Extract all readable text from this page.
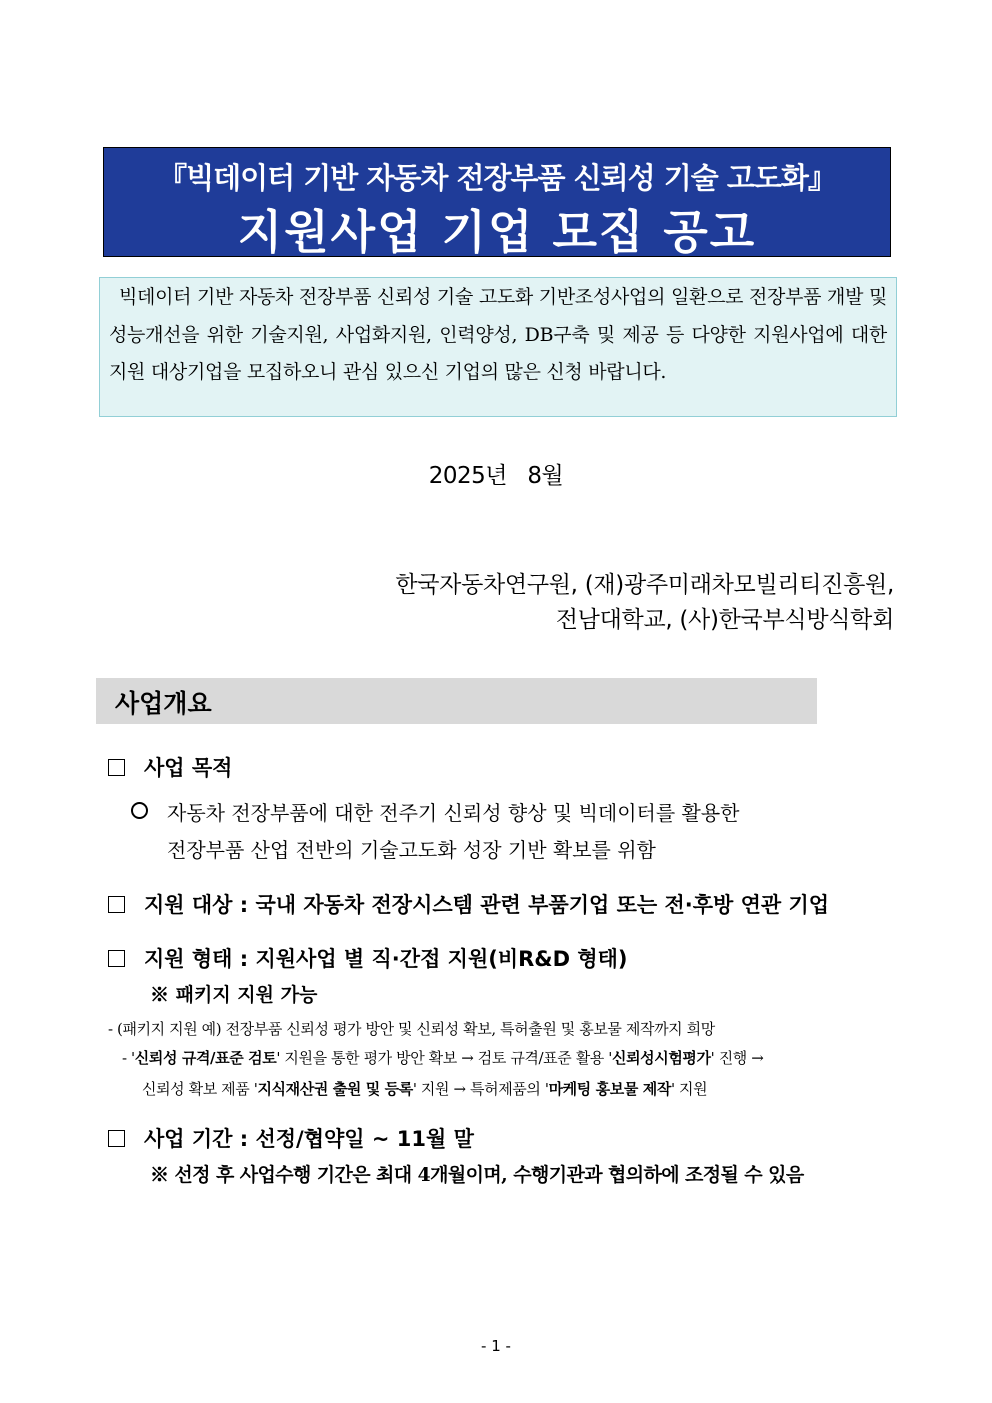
『빅데이터 기반 자동차 전장부품 신뢰성 기술 고도화』
지원사업 기업 모집 공고

빅데이터 기반 자동차 전장부품 신뢰성 기술 고도화 기반조성사업의 일환으로 전장부품 개발 및 성능개선을 위한 기술지원, 사업화지원, 인력양성, DB구축 및 제공 등 다양한 지원사업에 대한 지원 대상기업을 모집하오니 관심 있으신 기업의 많은 신청 바랍니다.

2025년   8월
한국자동차연구원, (재)광주미래차모빌리티진흥원,
전남대학교, (사)한국부식방식학회
사업개요
사업 목적
자동차 전장부품에 대한 전주기 신뢰성 향상 및 빅데이터를 활용한
전장부품 산업 전반의 기술고도화 성장 기반 확보를 위함
지원 대상 : 국내 자동차 전장시스템 관련 부품기업 또는 전·후방 연관 기업
지원 형태 : 지원사업 별 직·간접 지원(비R&D 형태)
※ 패키지 지원 가능
- (패키지 지원 예) 전장부품 신뢰성 평가 방안 및 신뢰성 확보, 특허출원 및 홍보물 제작까지 희망
- '신뢰성 규격/표준 검토' 지원을 통한 평가 방안 확보 → 검토 규격/표준 활용 '신뢰성시험평가' 진행 →
신뢰성 확보 제품 '지식재산권 출원 및 등록' 지원 → 특허제품의 '마케팅 홍보물 제작' 지원
사업 기간 : 선정/협약일 ~ 11월 말
※ 선정 후 사업수행 기간은 최대 4개월이며, 수행기관과 협의하에 조정될 수 있음
- 1 -
